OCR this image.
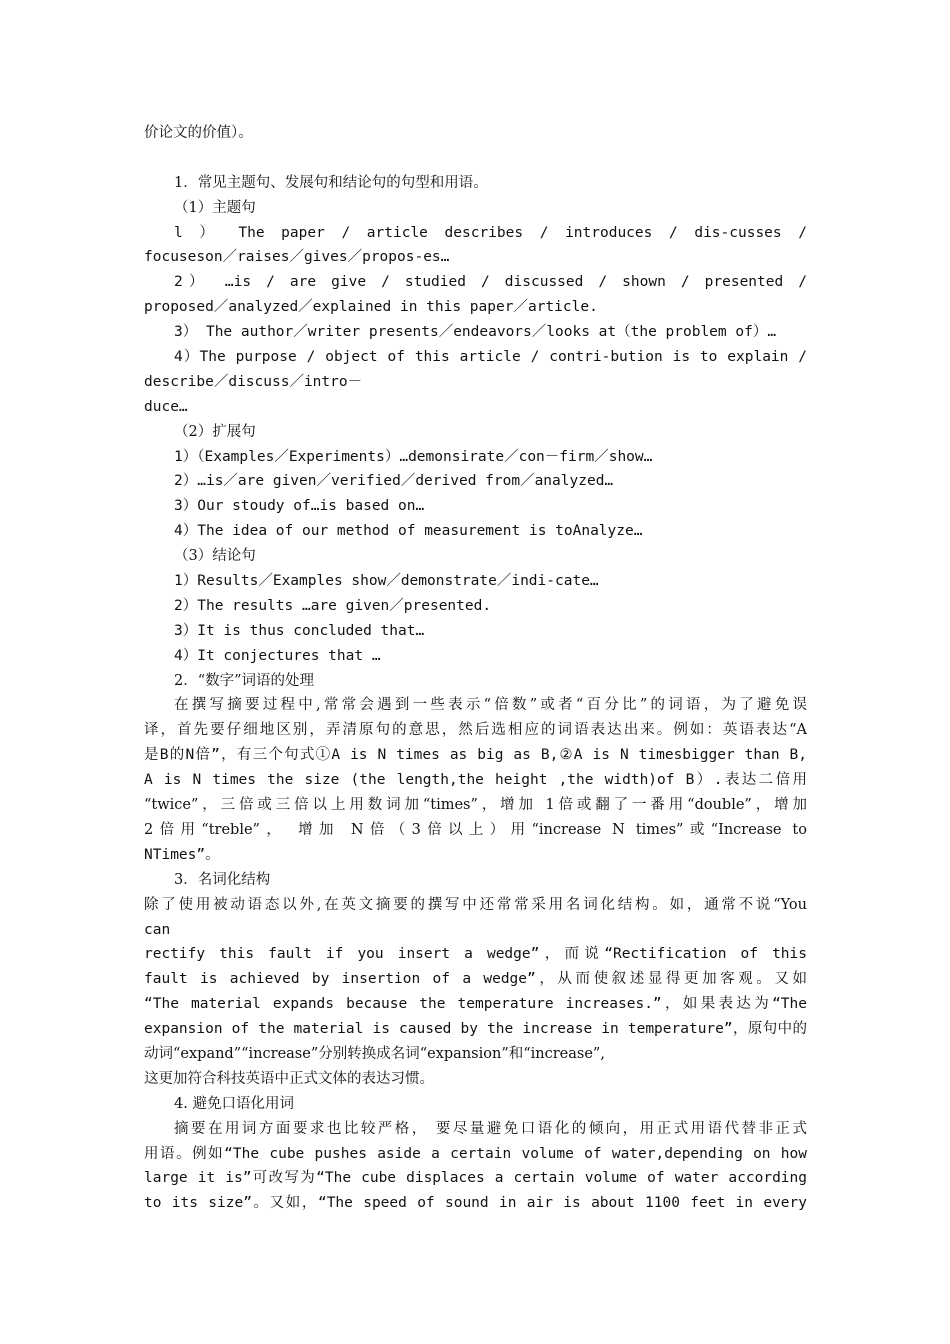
价论文的价值）。
1．常见主题句、发展句和结论句的句型和用语。
（1）主题句
l ） The paper / article describes / introduces / dis-cusses /
focuseson／raises／gives／propos-es…
2） …is / are give / studied / discussed / shown / presented /
proposed／analyzed／explained in this paper／article.
3） The author／writer presents／endeavors／looks at（the problem of）…
4）The purpose / object of this article / contri-bution is to explain /
describe／discuss／intro－
duce…
（2）扩展句
1）（Examples／Experiments）…demonsirate／con－firm／show…
2）…is／are given／verified／derived from／analyzed…
3）Our stoudy of…is based on…
4）The idea of our method of measurement is toAnalyze…
（3）结论句
1）Results／Examples show／demonstrate／indi-cate…
2）The results …are given／presented.
3）It is thus concluded that…
4）It conjectures that …
2．“数字”词语的处理
在撰写摘要过程中,常常会遇到一些表示“倍数”或者“百分比”的词语，为了避免误
译，首先要仔细地区别，弄清原句的意思，然后选相应的词语表达出来。例如：英语表达“A
是B的N倍”，有三个句式①A is N times as big as B,②A is N timesbigger than B,
A is N times the size (the length,the height ,the width)of B）.表达二倍用
“twice”，三倍或三倍以上用数词加“times”，增加 1倍或翻了一番用“double”，增加
2倍用“treble”， 增加 N倍（3倍以上）用“increase N times”或“Increase to
NTimes”。
3．名词化结构
除了使用被动语态以外,在英文摘要的撰写中还常常采用名词化结构。如，通常不说“You
can
rectify this fault if you insert a wedge”，而说“Rectification of this
fault is achieved by insertion of a wedge”，从而使叙述显得更加客观。又如
“The material expands because the temperature increases.”，如果表达为“The
expansion of the material is caused by the increase in temperature”，原句中的
动词“expand”“increase”分别转换成名词“expansion”和“increase”,
这更加符合科技英语中正式文体的表达习惯。
4. 避免口语化用词
摘要在用词方面要求也比较严格， 要尽量避免口语化的倾向，用正式用语代替非正式
用语。例如“The cube pushes aside a certain volume of water,depending on how
large it is”可改写为“The cube displaces a certain volume of water according
to its size”。又如，“The speed of sound in air is about 1100 feet in every
